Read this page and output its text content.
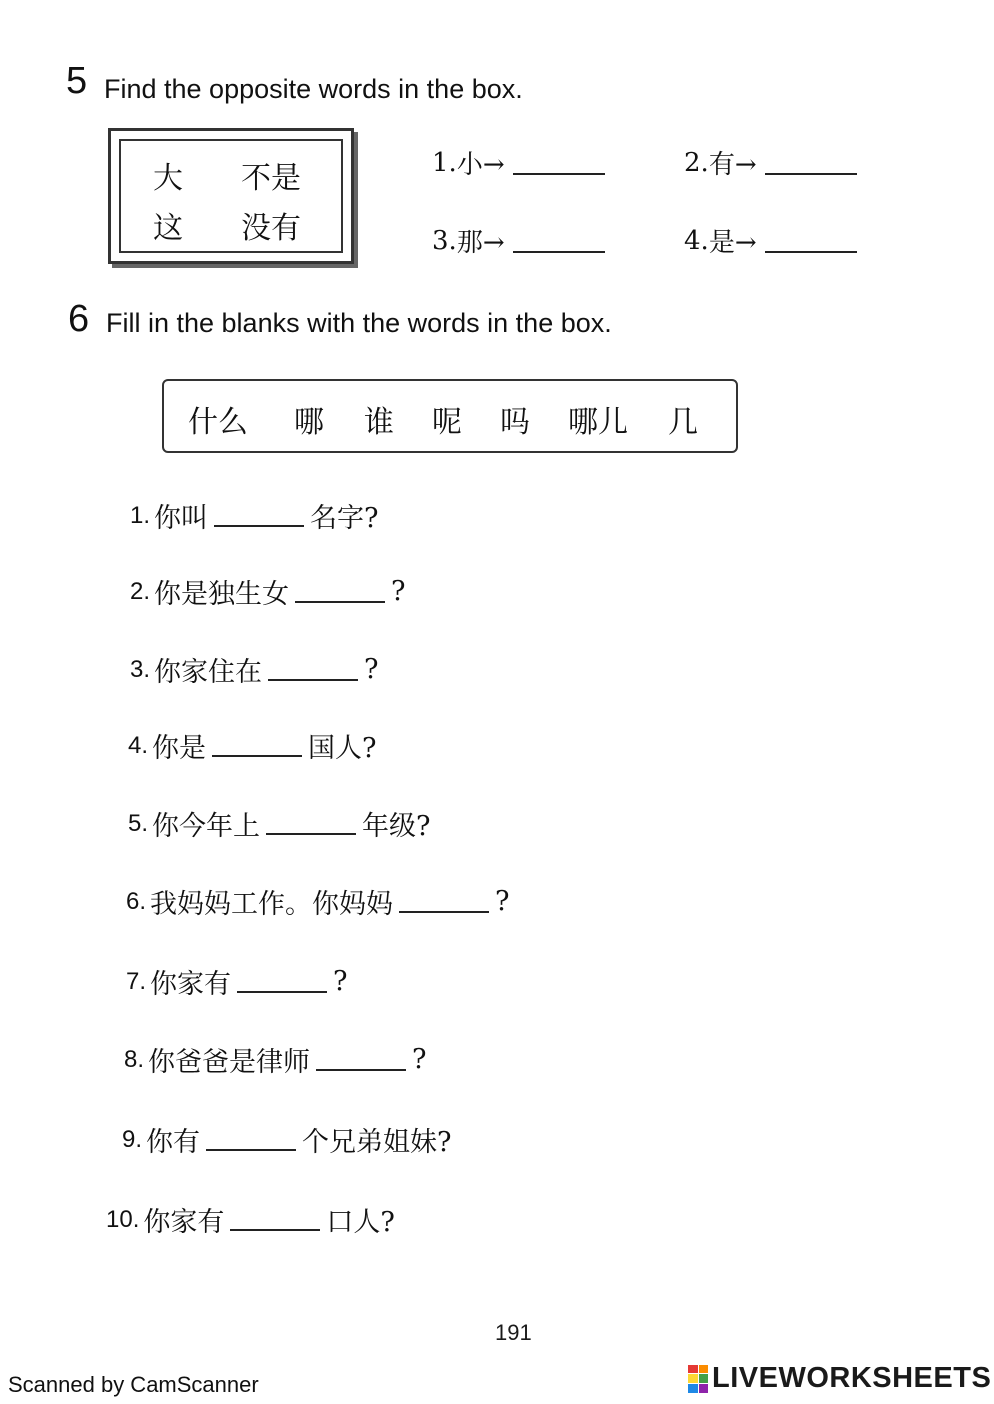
5 Find the opposite words in the box.
大 不是
这 没有
1. 小→	2. 有→
3. 那→	4. 是→
6 Fill in the blanks with the words in the box.
什么	哪	谁	呢	吗	哪儿	几
1. 你叫	名字?
2. 你是独生女	?
3. 你家住在	?
4. 你是	国人?
5. 你今年上	年级?
6. 我妈妈工作。你妈妈	?
7. 你家有	?
8. 你爸爸是律师	?
9. 你有	个兄弟姐妹?
10. 你家有	口人?
191
Scanned by CamScanner	LIVEWORKSHEETS
